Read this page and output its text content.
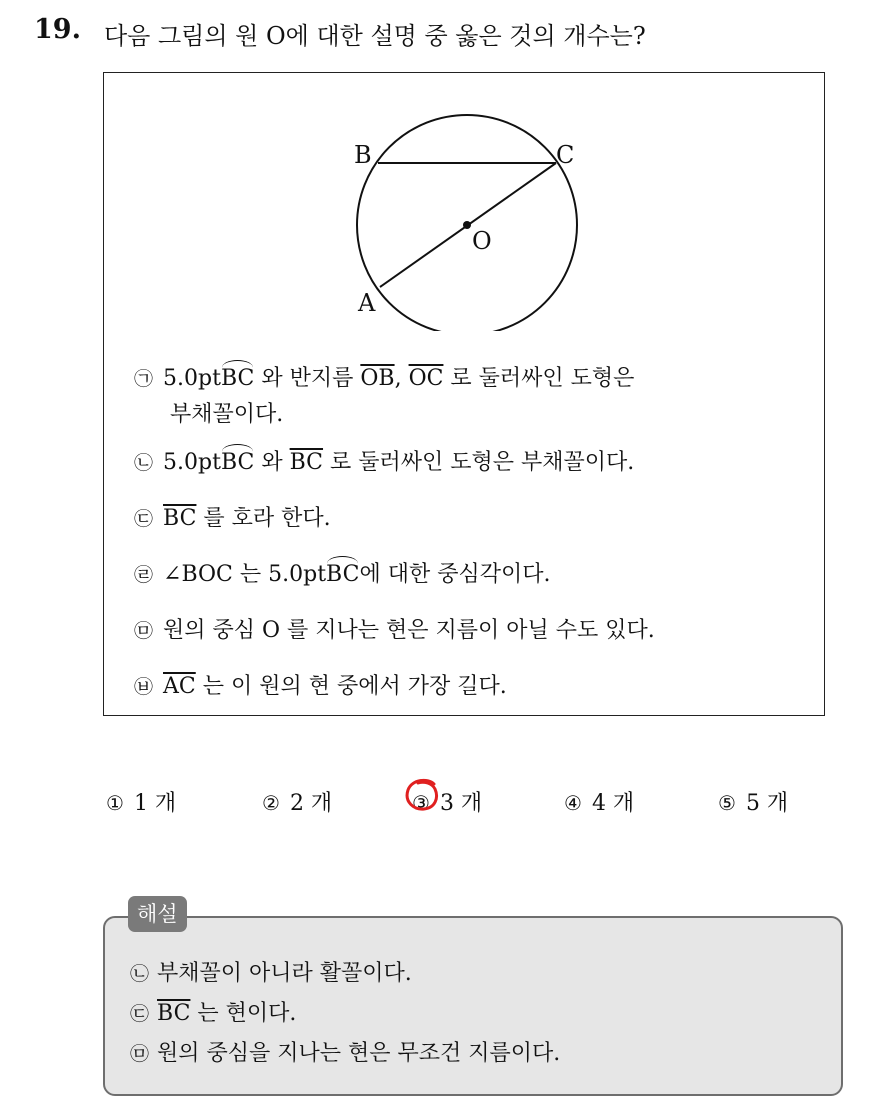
19. 다음 그림의 원 O에 대한 설명 중 옳은 것의 개수는?
B	C
O
A
㉠ 5.0ptBC 와 반지름 $\overline{OB}$, $\overline{OC}$ 로 둘러싸인 도형은
부채꼴이다.
㉡ 5.0ptBC 와 $\overline{BC}$ 로 둘러싸인 도형은 부채꼴이다.
㉢ $\overline{BC}$ 를 호라 한다.
㉣ ∠BOC 는 5.0ptBC에 대한 중심각이다.
㉤ 원의 중심 O 를 지나는 현은 지름이 아닐 수도 있다.
㉥ $\overline{AC}$ 는 이 원의 현 중에서 가장 길다.
① 1 개	② 2 개	③ 3 개	④ 4 개	⑤ 5 개
해설
㉡ 부채꼴이 아니라 활꼴이다.
㉢ $\overline{BC}$ 는 현이다.
㉤ 원의 중심을 지나는 현은 무조건 지름이다.
